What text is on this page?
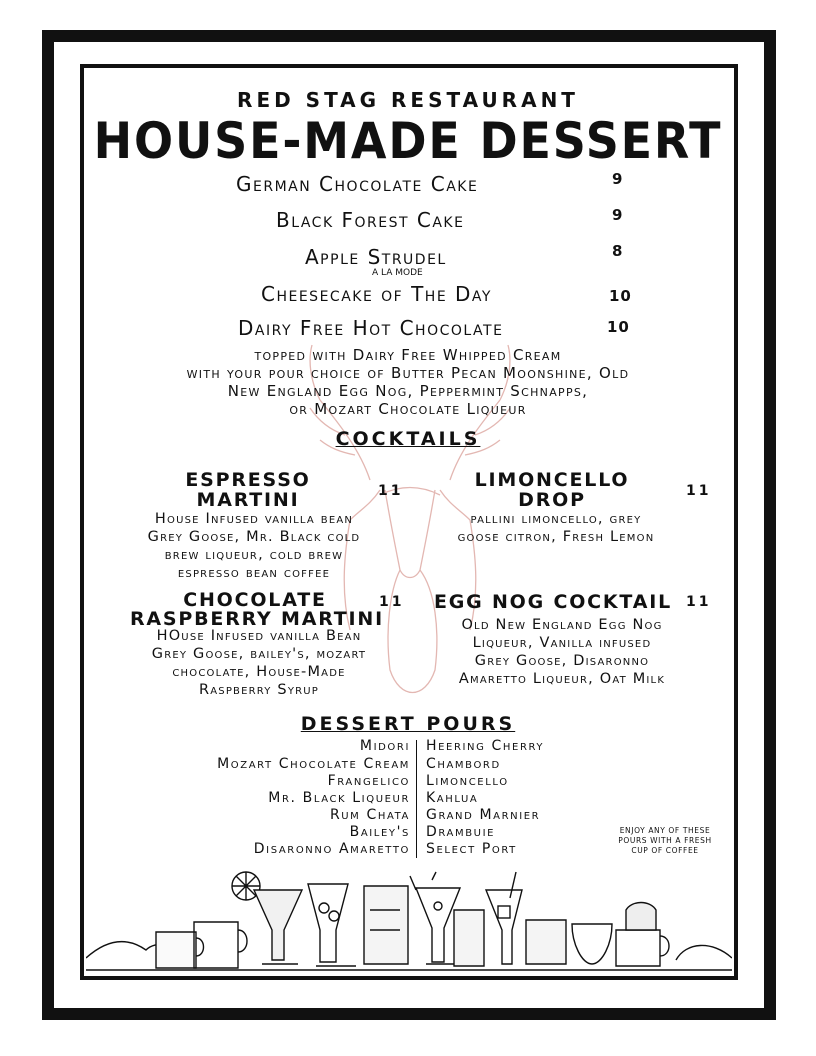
RED STAG RESTAURANT
HOUSE-MADE DESSERT
German Chocolate Cake	9
Black Forest Cake	9
Apple Strudel	8
A LA MODE
Cheesecake of The Day	10
Dairy Free Hot Chocolate	10
topped with Dairy Free Whipped Cream
with your pour choice of Butter Pecan Moonshine, Old
New England Egg Nog, Peppermint Schnapps,
or Mozart Chocolate Liqueur
COCKTAILS
ESPRESSO
MARTINI	11
House Infused vanilla bean
Grey Goose, Mr. Black cold
brew liqueur, cold brew
espresso bean coffee
LIMONCELLO
DROP	11
pallini limoncello, grey
goose citron, Fresh Lemon
CHOCOLATE
RASPBERRY MARTINI
11
HOuse Infused vanilla Bean
Grey Goose, bailey's, mozart
chocolate, House-Made
Raspberry Syrup
EGG NOG COCKTAIL	11
Old New England Egg Nog
Liqueur, Vanilla infused
Grey Goose, Disaronno
Amaretto Liqueur, Oat Milk
DESSERT POURS
Midori
Mozart Chocolate Cream
Frangelico
Mr. Black Liqueur
Rum Chata
Bailey's
Disaronno Amaretto
Heering Cherry
Chambord
Limoncello
Kahlua
Grand Marnier
Drambuie
Select Port
ENJOY ANY OF THESE
POURS WITH A FRESH
CUP OF COFFEE
